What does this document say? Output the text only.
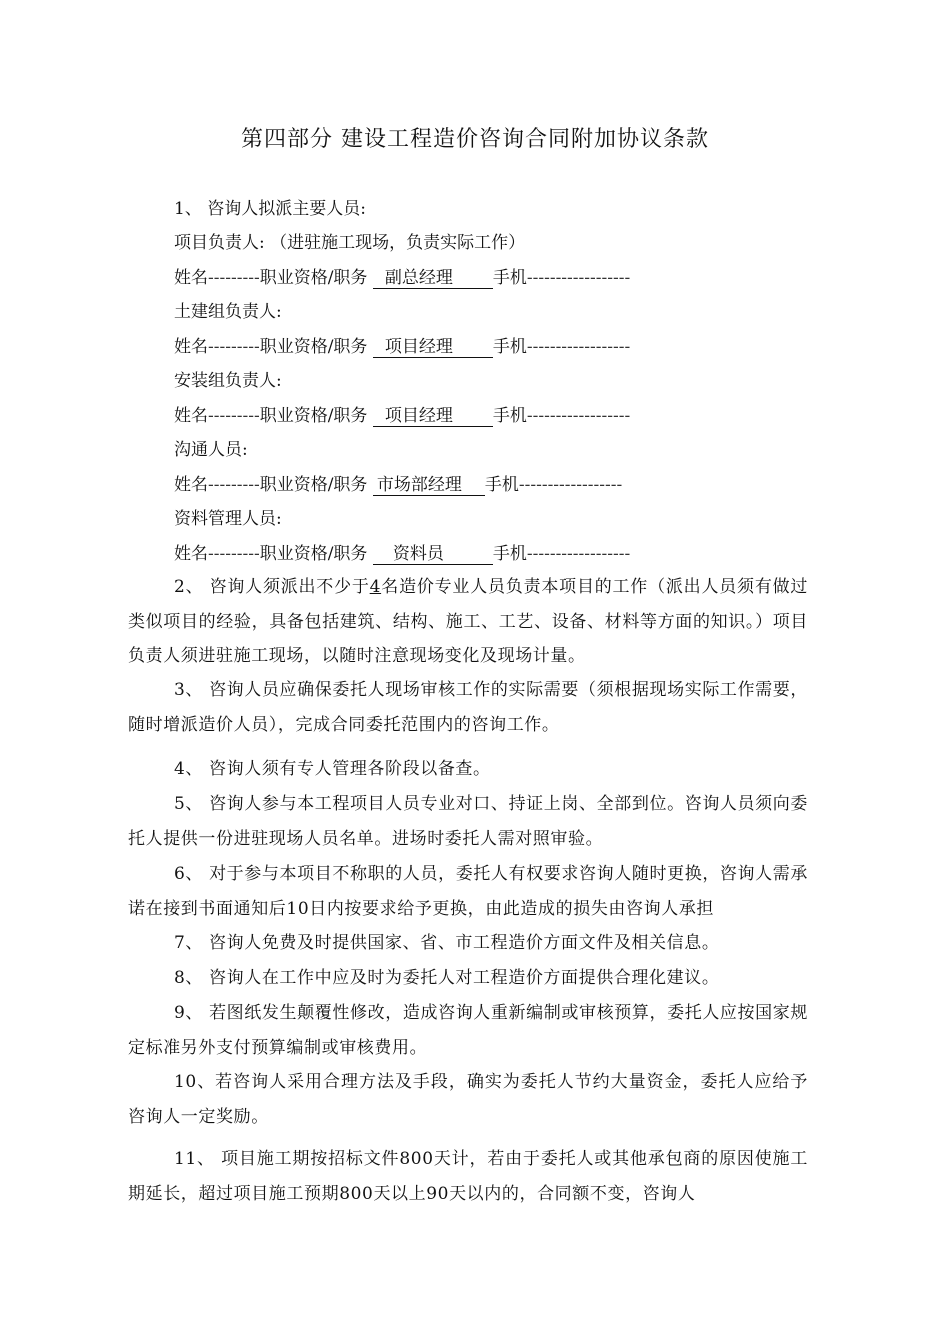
第四部分 建设工程造价咨询合同附加协议条款
1、 咨询人拟派主要人员:
项目负责人: （进驻施工现场，负责实际工作）
姓名---------职业资格/职务 副总经理 手机------------------
土建组负责人:
姓名---------职业资格/职务 项目经理 手机------------------
安装组负责人:
姓名---------职业资格/职务 项目经理 手机------------------
沟通人员:
姓名---------职业资格/职务 市场部经理 手机------------------
资料管理人员:
姓名---------职业资格/职务 资料员	手机------------------
2、 咨询人须派出不少于4名造价专业人员负责本项目的工作（派出人员须有做过类似项目的经验，具备包括建筑、结构、施工、工艺、设备、材料等方面的知识。）项目负责人须进驻施工现场，以随时注意现场变化及现场计量。
3、 咨询人员应确保委托人现场审核工作的实际需要（须根据现场实际工作需要，随时增派造价人员），完成合同委托范围内的咨询工作。
4、 咨询人须有专人管理各阶段以备查。
5、 咨询人参与本工程项目人员专业对口、持证上岗、全部到位。咨询人员须向委托人提供一份进驻现场人员名单。进场时委托人需对照审验。
6、 对于参与本项目不称职的人员，委托人有权要求咨询人随时更换，咨询人需承诺在接到书面通知后10日内按要求给予更换，由此造成的损失由咨询人承担
7、 咨询人免费及时提供国家、省、市工程造价方面文件及相关信息。
8、 咨询人在工作中应及时为委托人对工程造价方面提供合理化建议。
9、 若图纸发生颠覆性修改，造成咨询人重新编制或审核预算，委托人应按国家规定标准另外支付预算编制或审核费用。
10、若咨询人采用合理方法及手段，确实为委托人节约大量资金，委托人应给予咨询人一定奖励。
11、 项目施工期按招标文件800天计，若由于委托人或其他承包商的原因使施工期延长，超过项目施工预期800天以上90天以内的，合同额不变，咨询人
